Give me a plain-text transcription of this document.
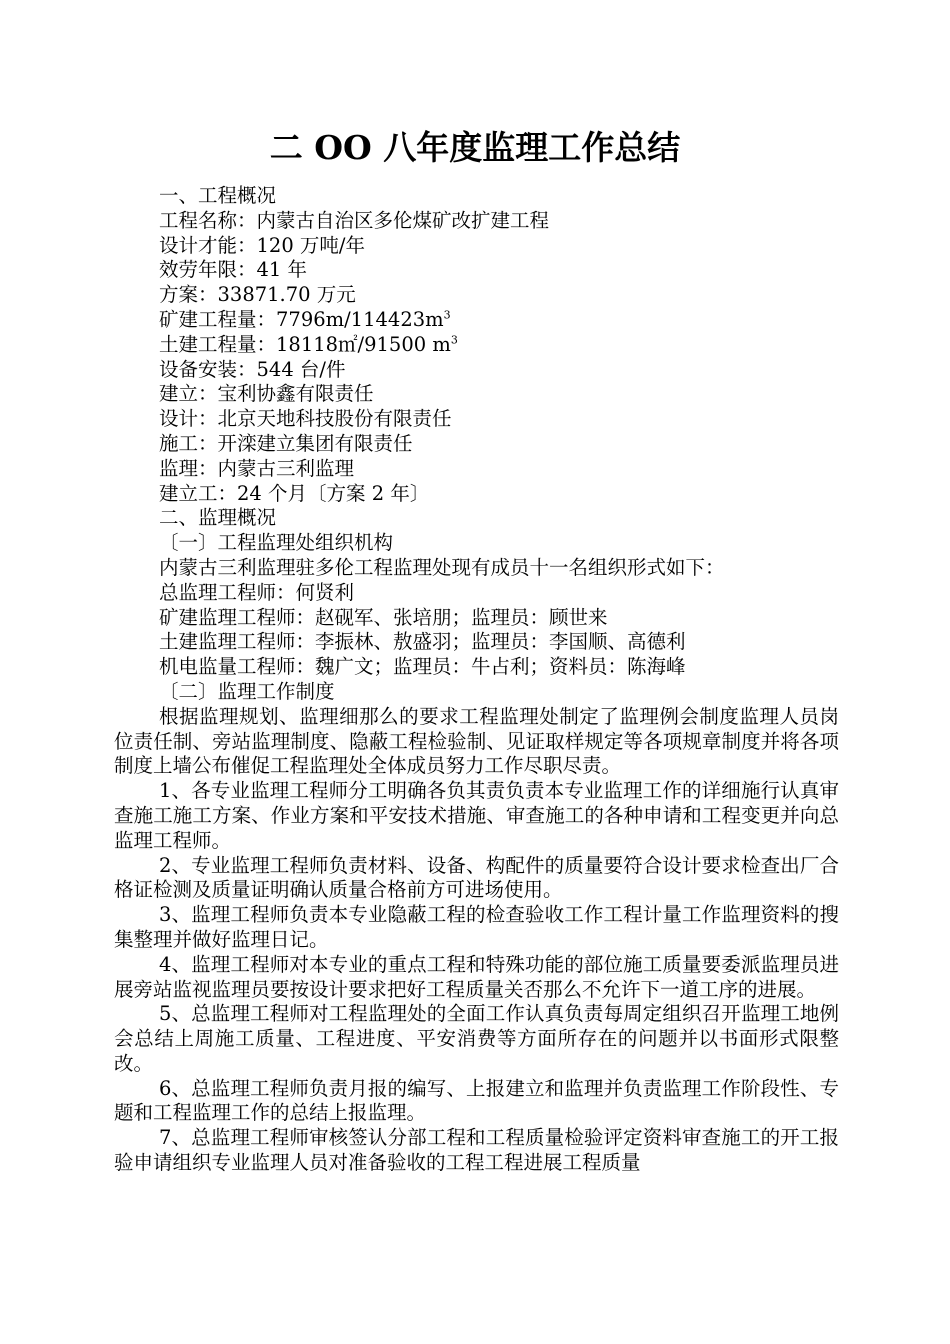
二 OO 八年度监理工作总结
一、工程概况
工程名称：内蒙古自治区多伦煤矿改扩建工程
设计才能：120 万吨/年
效劳年限：41 年
方案：33871.70 万元
矿建工程量：$7796m/114423m^3$
土建工程量：18118㎡/91500 $m^3$
设备安装：544 台/件
建立：宝利协鑫有限责任
设计：北京天地科技股份有限责任
施工：开滦建立集团有限责任
监理：内蒙古三利监理
建立工：24 个月〔方案 2 年〕
二、监理概况
〔一〕工程监理处组织机构
内蒙古三利监理驻多伦工程监理处现有成员十一名组织形式如下：
总监理工程师：何贤利
矿建监理工程师：赵砚军、张培朋；监理员：顾世来
土建监理工程师：李振林、敖盛羽；监理员：李国顺、高德利
机电监量工程师：魏广文；监理员：牛占利；资料员：陈海峰
〔二〕监理工作制度
根据监理规划、监理细那么的要求工程监理处制定了监理例会制度监理人员岗位责任制、旁站监理制度、隐蔽工程检验制、见证取样规定等各项规章制度并将各项制度上墙公布催促工程监理处全体成员努力工作尽职尽责。
1、各专业监理工程师分工明确各负其责负责本专业监理工作的详细施行认真审查施工施工方案、作业方案和平安技术措施、审查施工的各种申请和工程变更并向总监理工程师。
2、专业监理工程师负责材料、设备、构配件的质量要符合设计要求检查出厂合格证检测及质量证明确认质量合格前方可进场使用。
3、监理工程师负责本专业隐蔽工程的检查验收工作工程计量工作监理资料的搜集整理并做好监理日记。
4、监理工程师对本专业的重点工程和特殊功能的部位施工质量要委派监理员进展旁站监视监理员要按设计要求把好工程质量关否那么不允许下一道工序的进展。
5、总监理工程师对工程监理处的全面工作认真负责每周定组织召开监理工地例会总结上周施工质量、工程进度、平安消费等方面所存在的问题并以书面形式限整改。
6、总监理工程师负责月报的编写、上报建立和监理并负责监理工作阶段性、专题和工程监理工作的总结上报监理。
7、总监理工程师审核签认分部工程和工程质量检验评定资料审查施工的开工报验申请组织专业监理人员对准备验收的工程工程进展工程质量
